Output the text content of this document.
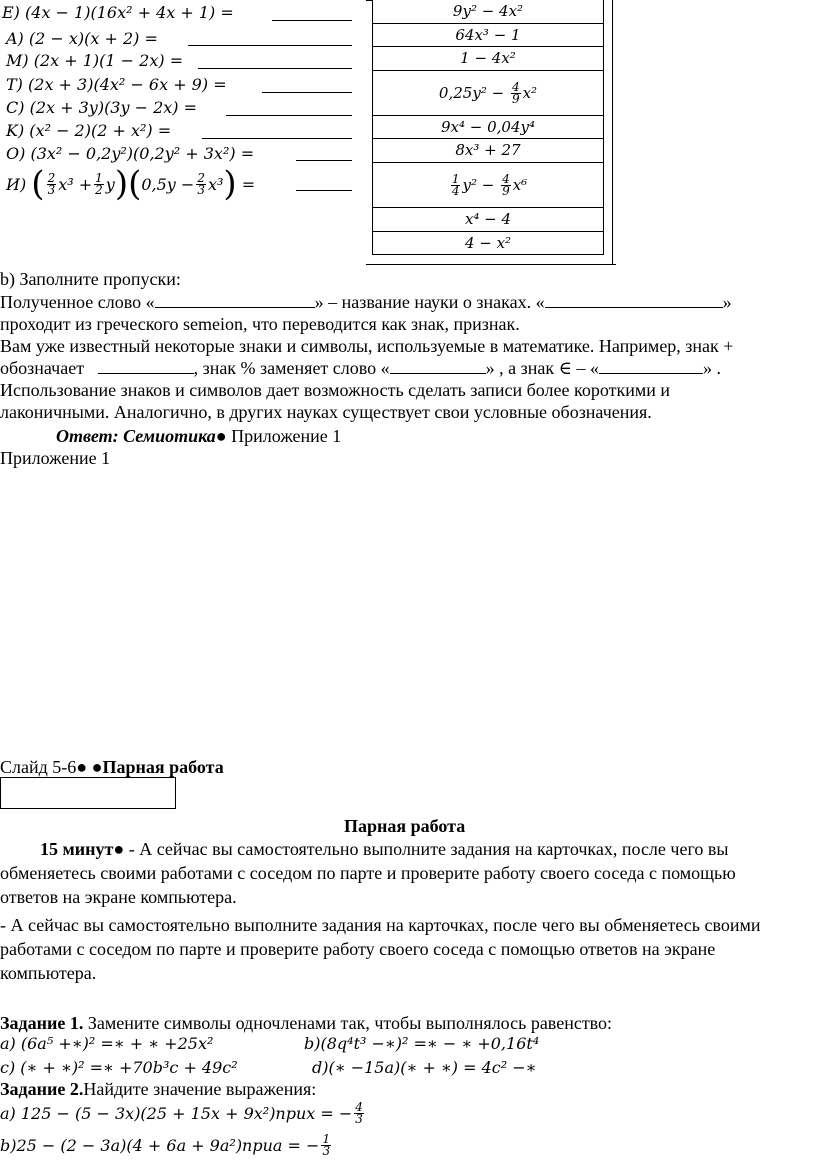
E) (4x − 1)(16x² + 4x + 1) =
A) (2 − x)(x + 2) =
M) (2x + 1)(1 − 2x) =
T) (2x + 3)(4x² − 6x + 9) =
C) (2x + 3y)(3y − 2x) =
K) (x² − 2)(2 + x²) =
O) (3x² − 0,2y²)(0,2y² + 3x²) =
И)
( $\frac{2}{3} x^3 + \frac{1}{2}$ y )( $0,5y - \frac{2}{3} x^3$ )
=
9y² − 4x²
64x³ − 1
1 − 4x²
$0,25y^2 - \frac{4}{9} x^2$
9x⁴ − 0,04y⁴
8x³ + 27
$\frac{1}{4} y^2 - \frac{4}{9} x^6$
x⁴ − 4
4 − x²
b) Заполните пропуски:
Полученное слово «	» – название науки о знаках. «	»
проходит из греческого semeion, что переводится как знак, признак.
Вам уже известный некоторые знаки и символы, используемые в математике. Например, знак +
обозначает	, знак % заменяет слово «	» , а знак ∈ – «	» .
Использование знаков и символов дает возможность сделать записи более короткими и
лаконичными. Аналогично, в других науках существует свои условные обозначения.
Ответ: Семиотика● Приложение 1
Приложение 1
Слайд 5-6● ●Парная работа
Парная работа
15 минут● - А сейчас вы самостоятельно выполните задания на карточках, после чего вы
обменяетесь своими работами с соседом по парте и проверите работу своего соседа с помощью
ответов на экране компьютера.
- А сейчас вы самостоятельно выполните задания на карточках, после чего вы обменяетесь своими
работами с соседом по парте и проверите работу своего соседа с помощью ответов на экране
компьютера.
Задание 1. Замените символы одночленами так, чтобы выполнялось равенство:
a) (6a⁵ +∗)² =∗ + ∗ +25x²	b)(8q⁴t³ −∗)² =∗ − ∗ +0,16t⁴
c) (∗ + ∗)² =∗ +70b³c + 49c²	d)(∗ −15a)(∗ + ∗) = 4c² −∗
Задание 2.Найдите значение выражения:
a) 125 − (5 − 3x)(25 + 15x + 9x²)прих = − $\frac{4}{3}$
b)25 − (2 − 3a)(4 + 6a + 9a²)приa = − $\frac{1}{3}$
